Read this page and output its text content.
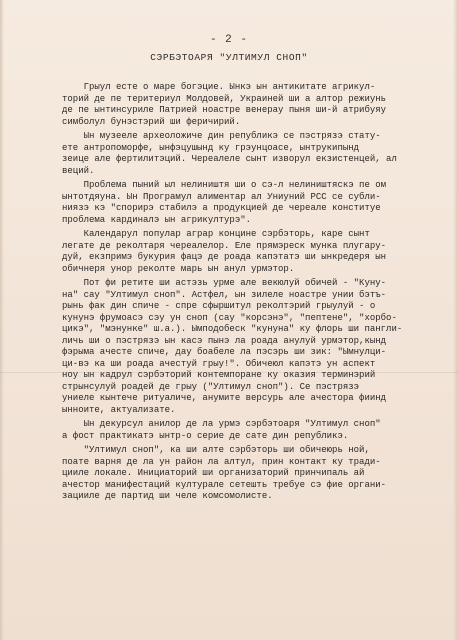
- 2 -
СЭРБЭТОАРЯ "УЛТИМУЛ СНОП"
Грыул есте о маре богэцие. Ынкэ ын антикитате агрикул-
торий де пе теритериул Молдовей, Украиней ши а алтор режиунь
де пе ынтинсуриле Патрией ноастре венерау пыня ши-й атрибуяу
симболул бунэстэрий ши феричирий.
Ын музееле археоложиче дин републикэ се пэстрязэ стату-
ете антропоморфе, ынфэцушынд ку грэунцоасе, ынтрукипынд
зеице але фертилитэций. Череалеле сынт изворул екзистенцей, ал
веций.
Проблема пыний ыл нелиништя ши о сэ-л нелиништяскэ пе ом
ынтотдяуна. Ын Програмул алиментар ал Униуний РСС се субли-
ниязэ кэ "спорирэ стабилэ а продукцией де череале конституе
проблема кардиналэ ын агрикултурэ".
Календарул популар аграр концине сэрбэторь, каре сынт
легате де реколтаря череалелор. Еле прямэреск мунка плугару-
дуй, екзпримэ букурия фацэ де роада капэтатэ ши ынкредеря ын
обичнеря унор реколте марь ын анул урмэтор.
Пот фи ретите ши астэзь урме але векюлуй обичей - "Куну-
на" сау "Ултимул сноп". Астфел, ын зилеле ноастре унии бэтъ-
рынь фак дин спиче - спре сфыршитул реколтэрий грыулуй - о
кунунэ фрумоасэ сэу ун сноп (сау "корсэнэ", "пептене", "хорбо-
цикэ", "мэнунке" ш.а.). Ымподобеск "кунуна" ку флорь ши пангли-
личь ши о пэстрязэ ын касэ пынэ ла роада анулуй урмэтор,кынд
фэрыма ачесте спиче, дау боабеле ла пэсэрь ши зик: "Ымнулци-
ци-вэ ка ши роада ачестуй грыу!". Обичеюл капэтэ ун аспект
ноу ын кадрул сэрбэторий контемпоране ку оказия терминэрий
стрынсулуй роадей де грыу ("Ултимул сноп"). Се пэстрязэ
униеле кынтече ритуаличе, анумите версурь але ачестора фиинд
ынноите, актуализате.
Ын декурсул анилор де ла урмэ сэрбэтоаря "Ултимул сноп"
а фост практикатэ ынтр-о серие де сате дин републикэ.
"Ултимул сноп", ка ши алте сэрбэторь ши обичеюрь ной,
поате варня де ла ун район ла алтул, прин контакт ку тради-
цииле локале. Инициаторий ши организаторий принчипаль ай
ачестор манифестаций културале сетешть требуе сэ фие органи-
зацииле де партид ши челе комсомолисте.
